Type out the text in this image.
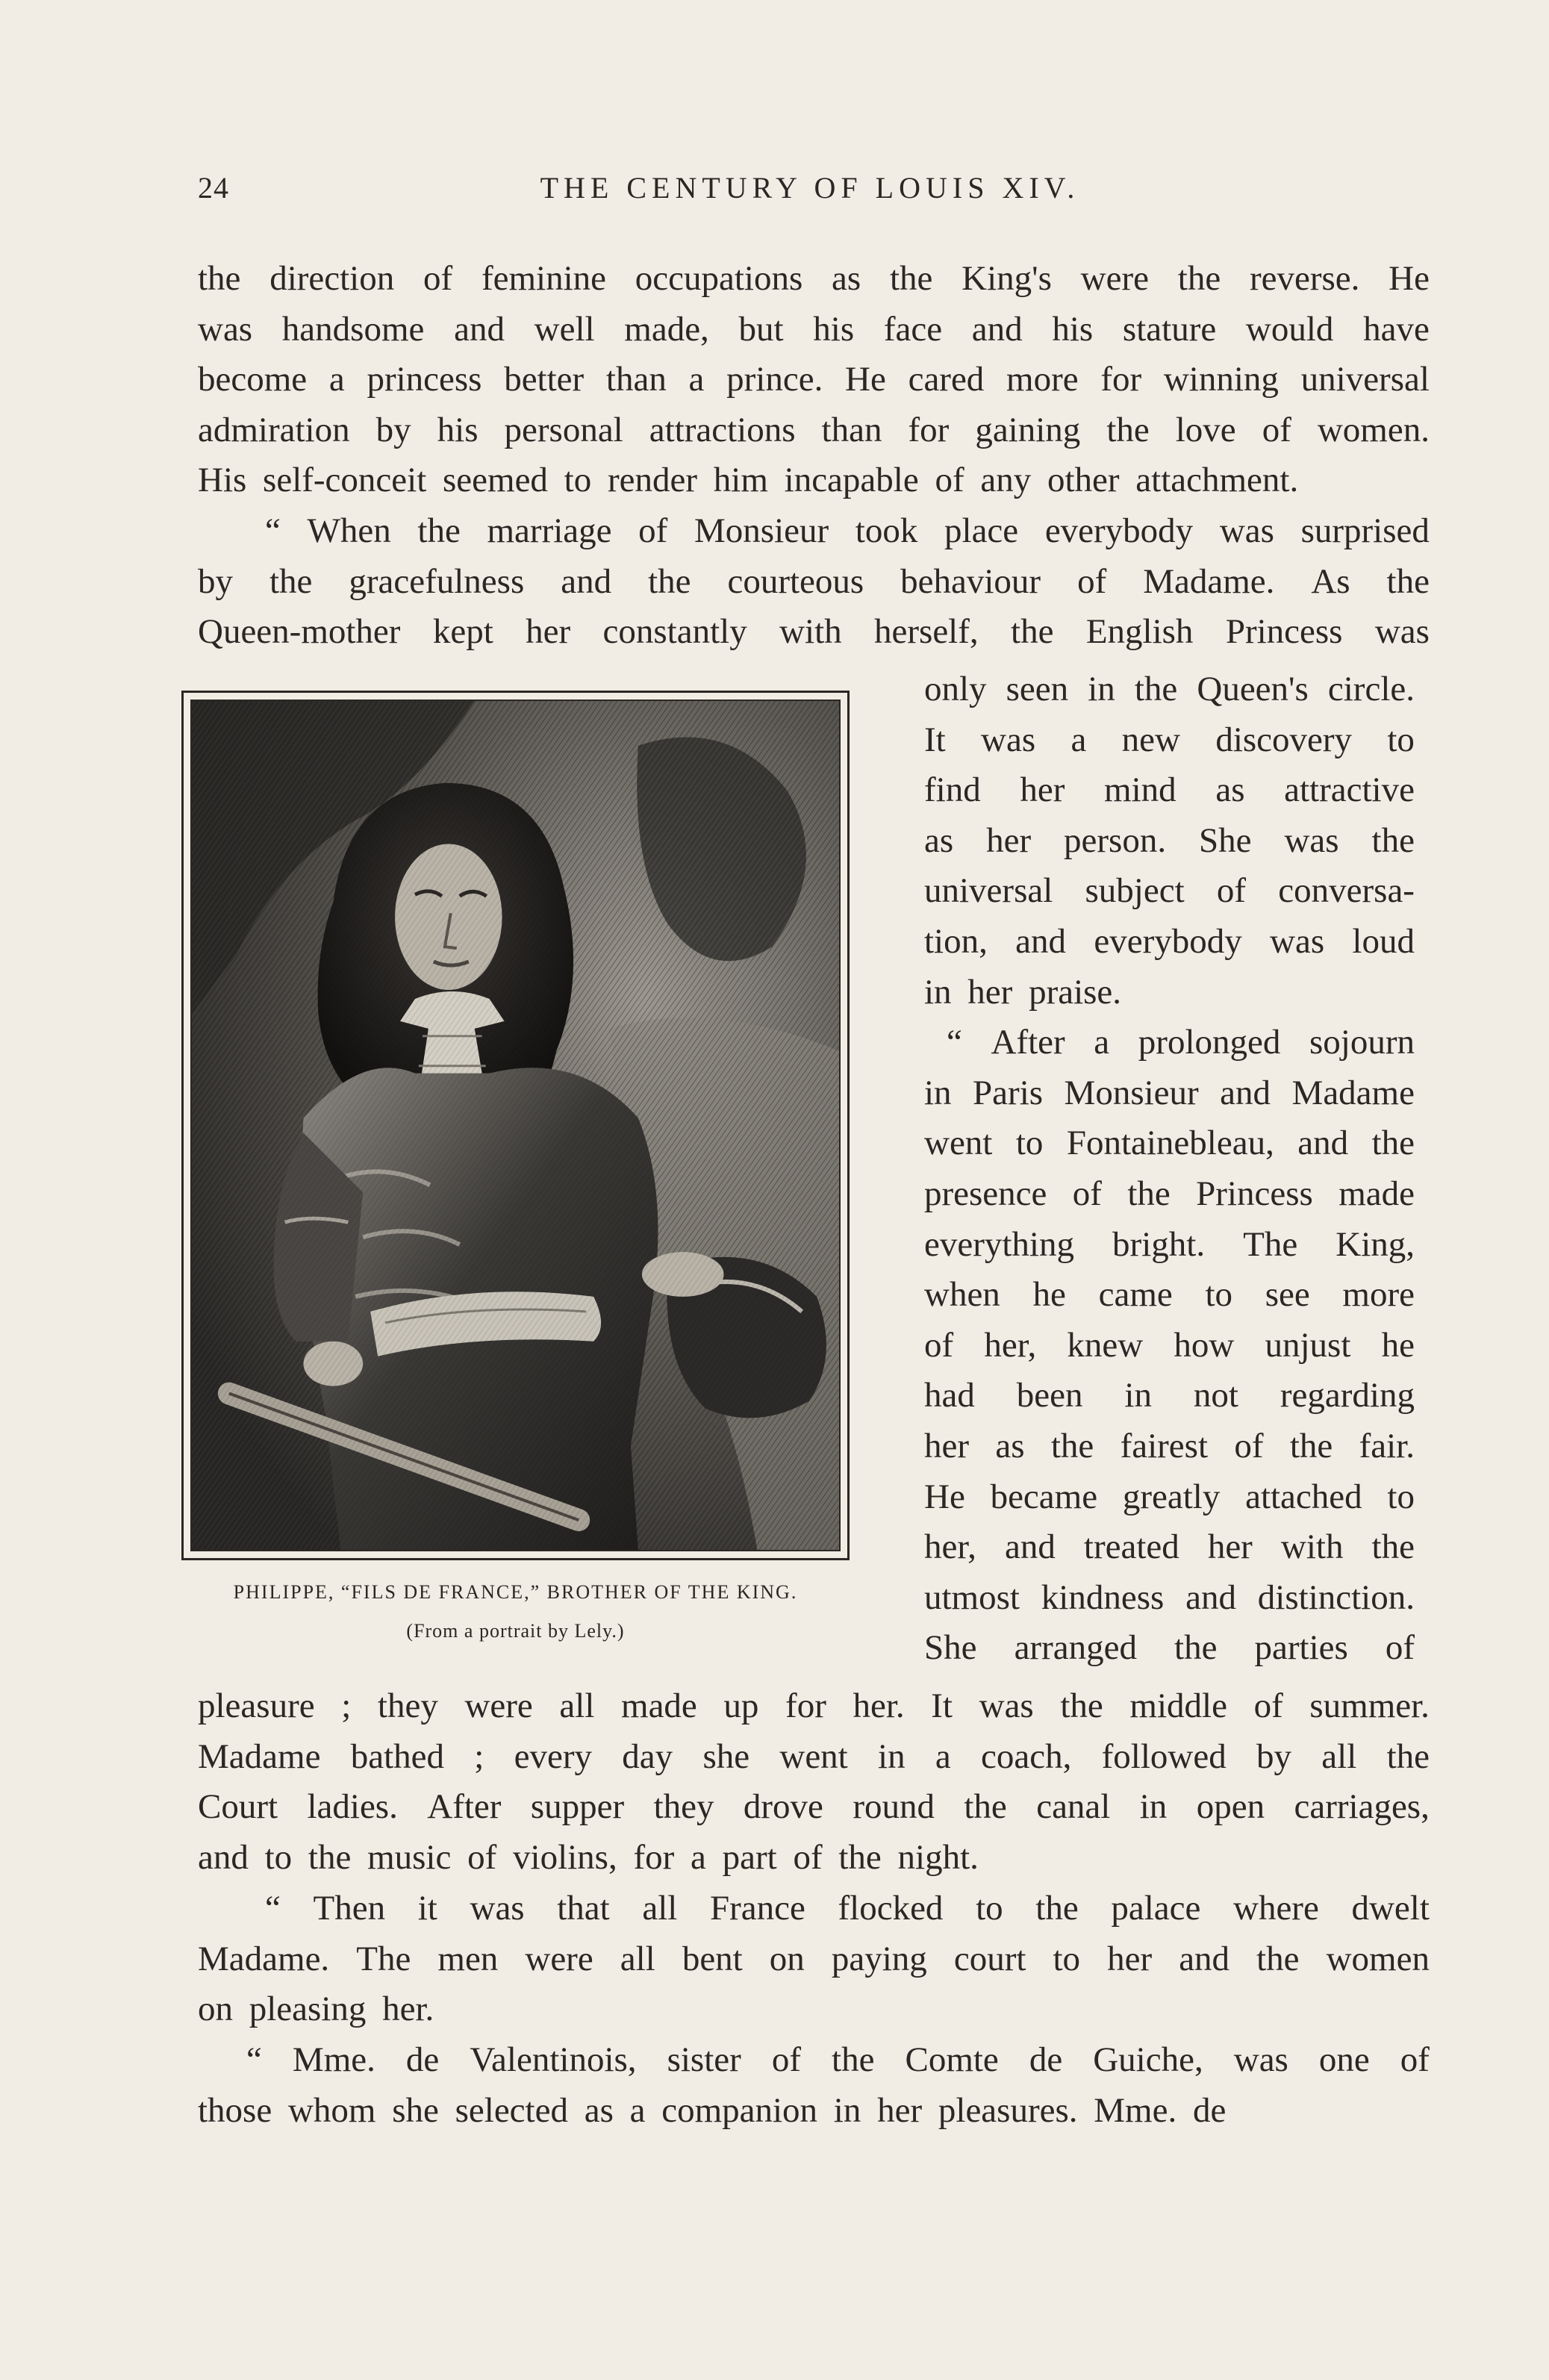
24	THE CENTURY OF LOUIS XIV.
the direction of feminine occupations as the King's were the reverse. He
was handsome and well made, but his face and his stature would have
become a princess better than a prince. He cared more for winning universal
admiration by his personal attractions than for gaining the love of women.
His self-conceit seemed to render him incapable of any other attachment.
“ When the marriage of Monsieur took place everybody was surprised
by the gracefulness and the courteous behaviour of Madame. As the
Queen-mother kept her constantly with herself, the English Princess was
only seen in the Queen's circle.
It was a new discovery to
find her mind as attractive
as her person. She was the
universal subject of conversa-
tion, and everybody was loud
in her praise.
“ After a prolonged sojourn
in Paris Monsieur and Madame
went to Fontainebleau, and the
presence of the Princess made
everything bright. The King,
when he came to see more
of her, knew how unjust he
had been in not regarding
her as the fairest of the fair.
He became greatly attached to
her, and treated her with the
utmost kindness and distinction.
She arranged the parties of
pleasure ; they were all made up for her. It was the middle of summer.
Madame bathed ; every day she went in a coach, followed by all the
Court ladies. After supper they drove round the canal in open carriages,
and to the music of violins, for a part of the night.
“ Then it was that all France flocked to the palace where dwelt
Madame. The men were all bent on paying court to her and the women
on pleasing her.
“ Mme. de Valentinois, sister of the Comte de Guiche, was one of
those whom she selected as a companion in her pleasures. Mme. de
PHILIPPE, “FILS DE FRANCE,” BROTHER OF THE KING.
(From a portrait by Lely.)
